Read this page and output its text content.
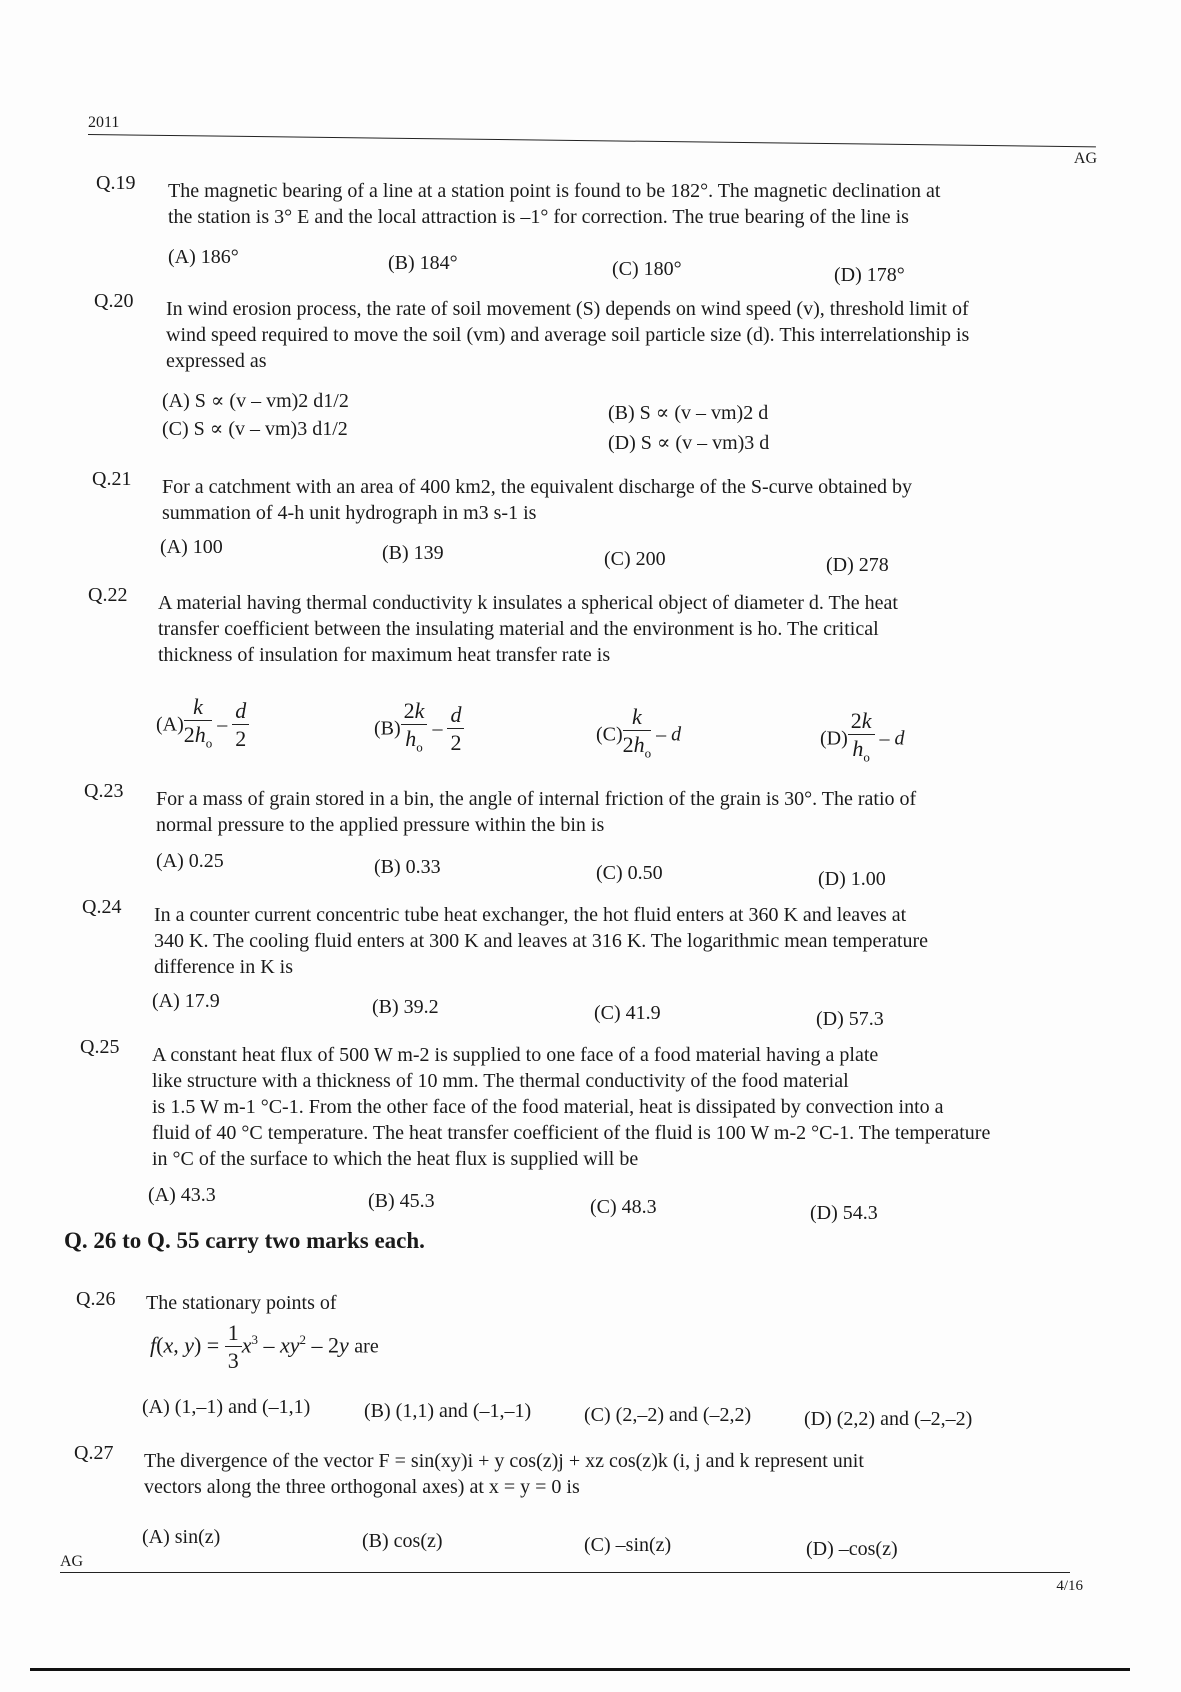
2011
AG
Q.19 The magnetic bearing of a line at a station point is found to be 182°. The magnetic declination at
the station is 3° E and the local attraction is –1° for correction. The true bearing of the line is
(A) 186°	(B) 184°	(C) 180°	(D) 178°
Q.20 In wind erosion process, the rate of soil movement (S) depends on wind speed (v), threshold limit of
wind speed required to move the soil (vm) and average soil particle size (d). This interrelationship is
expressed as
(A) S ∝ (v – vm)2 d1/2
(B) S ∝ (v – vm)2 d
(C) S ∝ (v – vm)3 d1/2
(D) S ∝ (v – vm)3 d
Q.21 For a catchment with an area of 400 km2, the equivalent discharge of the S-curve obtained by
summation of 4-h unit hydrograph in m3 s-1 is
(A) 100	(B) 139	(C) 200	(D) 278
Q.22 A material having thermal conductivity k insulates a spherical object of diameter d. The heat
transfer coefficient between the insulating material and the environment is ho. The critical
thickness of insulation for maximum heat transfer rate is
$(A) \frac{k}{2h_o} - \frac{d}{2}$	$(B) \frac{2k}{h_o} - \frac{d}{2}$	$(C) \frac{k}{2h_o}$ – d	$(D) \frac{2k}{h_o}$ – d
Q.23 For a mass of grain stored in a bin, the angle of internal friction of the grain is 30°. The ratio of
normal pressure to the applied pressure within the bin is
(A) 0.25	(B) 0.33	(C) 0.50	(D) 1.00
Q.24 In a counter current concentric tube heat exchanger, the hot fluid enters at 360 K and leaves at
340 K. The cooling fluid enters at 300 K and leaves at 316 K. The logarithmic mean temperature
difference in K is
(A) 17.9	(B) 39.2	(C) 41.9	(D) 57.3
Q.25 A constant heat flux of 500 W m-2 is supplied to one face of a food material having a plate
like structure with a thickness of 10 mm. The thermal conductivity of the food material
is 1.5 W m-1 °C-1. From the other face of the food material, heat is dissipated by convection into a
fluid of 40 °C temperature. The heat transfer coefficient of the fluid is 100 W m-2 °C-1. The temperature
in °C of the surface to which the heat flux is supplied will be
(A) 43.3	(B) 45.3	(C) 48.3	(D) 54.3
Q. 26 to Q. 55 carry two marks each.
Q.26 The stationary points of
f(x, $y) = \frac{1}{3} x^3 - xy^2 - 2y$ are
(A) (1,–1) and (–1,1)	(B) (1,1) and (–1,–1)	(C) (2,–2) and (–2,2)	(D) (2,2) and (–2,–2)
Q.27 The divergence of the vector F = sin(xy)i + y cos(z)j + xz cos(z)k (i, j and k represent unit
vectors along the three orthogonal axes) at x = y = 0 is
(A) sin(z)	(B) cos(z)	(C) –sin(z)	(D) –cos(z)
AG
4/16
